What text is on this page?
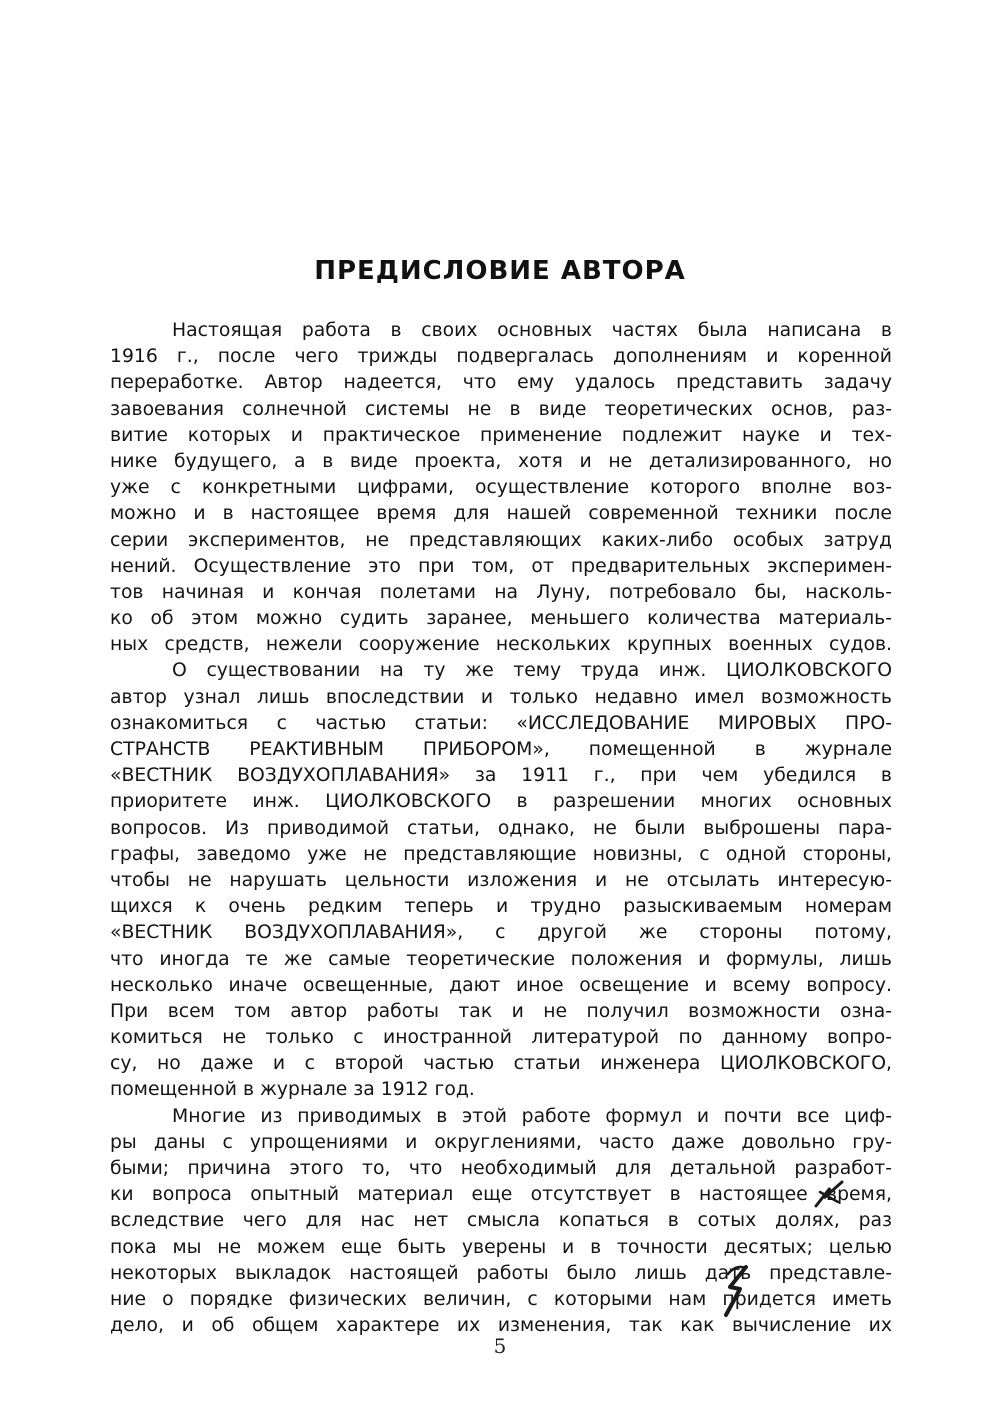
ПРЕДИСЛОВИЕ АВТОРА
Настоящая работа в своих основных частях была написана в
1916 г., после чего трижды подвергалась дополнениям и коренной
переработке. Автор надеется, что ему удалось представить задачу
завоевания солнечной системы не в виде теоретических основ, раз-
витие которых и практическое применение подлежит науке и тех-
нике будущего, а в виде проекта, хотя и не детализированного, но
уже с конкретными цифрами, осуществление которого вполне воз-
можно и в настоящее время для нашей современной техники после
серии экспериментов, не представляющих каких-либо особых затруд
нений. Осуществление это при том, от предварительных эксперимен-
тов начиная и кончая полетами на Луну, потребовало бы, насколь-
ко об этом можно судить заранее, меньшего количества материаль-
ных средств, нежели сооружение нескольких крупных военных судов.
О существовании на ту же тему труда инж. ЦИОЛКОВСКОГО
автор узнал лишь впоследствии и только недавно имел возможность
ознакомиться с частью статьи: «ИССЛЕДОВАНИЕ МИРОВЫХ ПРО-
СТРАНСТВ РЕАКТИВНЫМ ПРИБОРОМ», помещенной в журнале
«ВЕСТНИК ВОЗДУХОПЛАВАНИЯ» за 1911 г., при чем убедился в
приоритете инж. ЦИОЛКОВСКОГО в разрешении многих основных
вопросов. Из приводимой статьи, однако, не были выброшены пара-
графы, заведомо уже не представляющие новизны, с одной стороны,
чтобы не нарушать цельности изложения и не отсылать интересую-
щихся к очень редким теперь и трудно разыскиваемым номерам
«ВЕСТНИК ВОЗДУХОПЛАВАНИЯ», с другой же стороны потому,
что иногда те же самые теоретические положения и формулы, лишь
несколько иначе освещенные, дают иное освещение и всему вопросу.
При всем том автор работы так и не получил возможности озна-
комиться не только с иностранной литературой по данному вопро-
су, но даже и с второй частью статьи инженера ЦИОЛКОВСКОГО,
помещенной в журнале за 1912 год.
Многие из приводимых в этой работе формул и почти все циф-
ры даны с упрощениями и округлениями, часто даже довольно гру-
быми; причина этого то, что необходимый для детальной разработ-
ки вопроса опытный материал еще отсутствует в настоящее время,
вследствие чего для нас нет смысла копаться в сотых долях, раз
пока мы не можем еще быть уверены и в точности десятых; целью
некоторых выкладок настоящей работы было лишь дать представле-
ние о порядке физических величин, с которыми нам придется иметь
дело, и об общем характере их изменения, так как вычисление их
5
